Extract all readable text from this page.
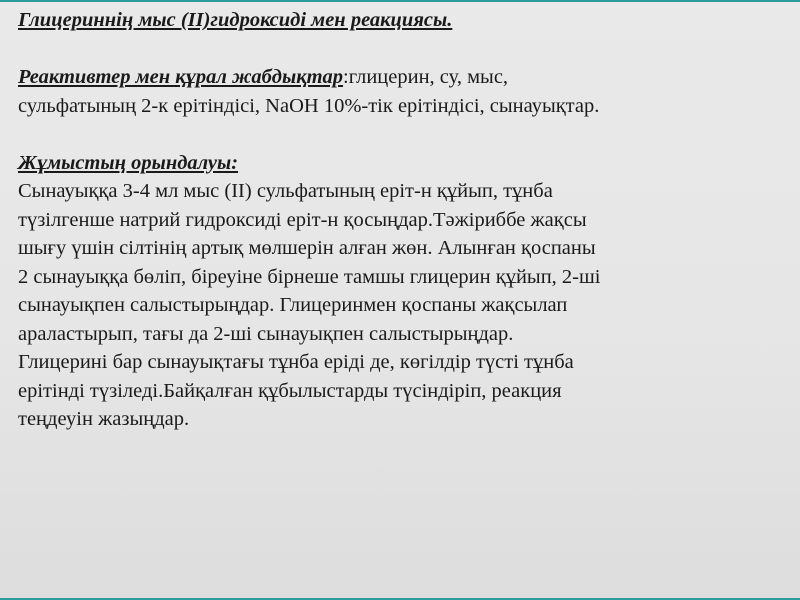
Глицериннің мыс (II)гидроксиді мен реакциясы.
Реактивтер мен құрал жабдықтар:глицерин, су, мыс,
сульфатының 2-к ерітіндісі, NaOH 10%-тік ерітіндісі, сынауықтар.
Жұмыстың орындалуы:
Сынауыққа 3-4 мл мыс (II) сульфатының ерiт-н құйып, тұнба
түзілгенше натрий гидроксиді ерiт-н қосыңдар.Тәжiриббе жақсы
шығу үшiн сiлтінiң артық мөлшерiн алған жөн. Алынған қоспаны
2 сынауыққа бөлiп, бiреуiне бiрнеше тамшы глицерин құйып, 2-шi
сынауықпен салыстырыңдар. Глицеринмен қоспаны жақсылап
араластырып, тағы да 2-шi сынауықпен салыстырыңдар.
Глицеринi бар сынауықтағы тұнба ерiдi де, көгiлдiр түстi тұнба
ерiтiндi түзiледi.Байқалған құбылыстарды түсiндiрiп, реакция
теңдеуiн жазыңдар.
